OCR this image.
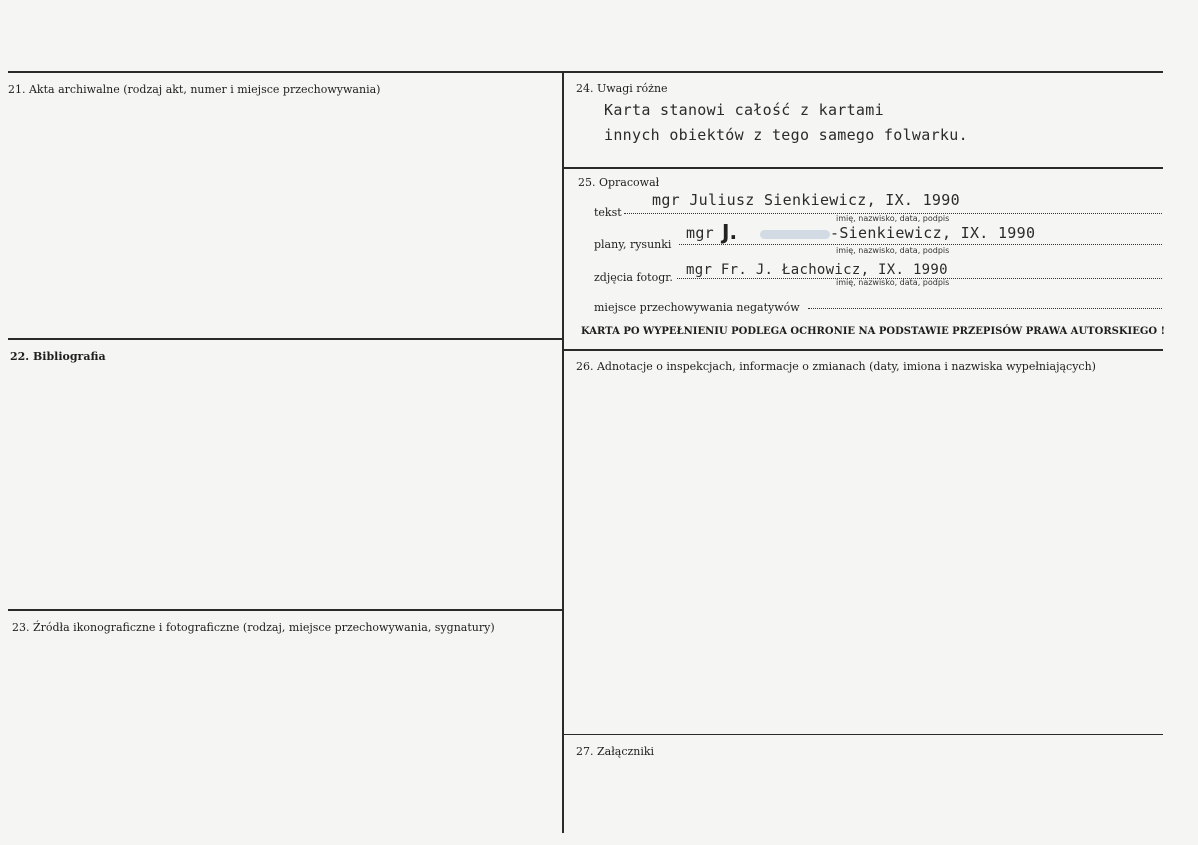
21. Akta archiwalne (rodzaj akt, numer i miejsce przechowywania)
22. Bibliografia
23. Źródła ikonograficzne i fotograficzne (rodzaj, miejsce przechowywania, sygnatury)
24. Uwagi różne
Karta stanowi całość z kartami
innych obiektów z tego samego folwarku.
25. Opracował
tekst
mgr Juliusz Sienkiewicz, IX. 1990
imię, nazwisko, data, podpis
plany, rysunki
mgr J.	-Sienkiewicz, IX. 1990
imię, nazwisko, data, podpis
zdjęcia fotogr. mgr Fr. J. Łachowicz, IX. 1990
imię, nazwisko, data, podpis
miejsce przechowywania negatywów
KARTA PO WYPEŁNIENIU PODLEGA OCHRONIE NA PODSTAWIE PRZEPISÓW PRAWA AUTORSKIEGO !
26. Adnotacje o inspekcjach, informacje o zmianach (daty, imiona i nazwiska wypełniających)
27. Załączniki
